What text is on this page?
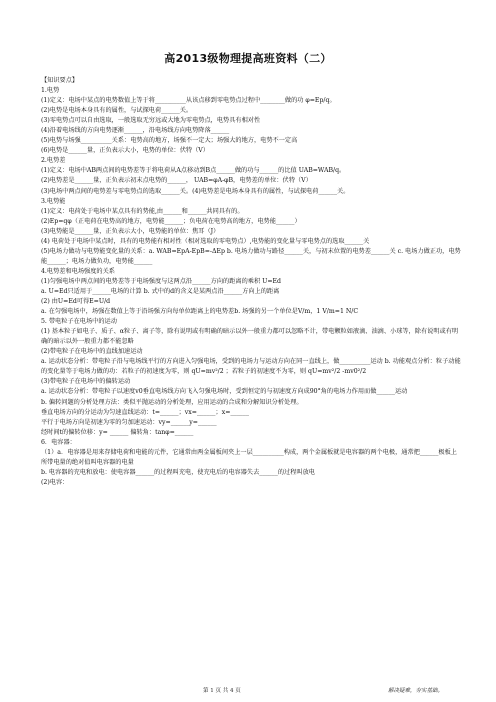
高2013级物理提高班资料（二）
【知识要点】
1.电势
(1)定义：电场中某点的电势数值上等于将__________从该点移到零电势点过程中________做的功 φ=Ep/q。
(2)电势是电场本身具有的属性，与试探电荷______关。
(3)零电势点可以自由选取，一般选取无穷远或大地为零电势点，电势具有相对性
(4)沿着电场线的方向电势逐渐______，沿电场线方向电势降落______
(5)电势与场强__________关系：电势高的地方，场强不一定大；场强大的地方，电势不一定高
(6)电势是______量，正负表示大小，电势的单位：伏特（V）
2.电势差
(1)定义：电场中AB两点间的电势差等于将电荷从A点移动到B点______做的功与______的比值 UAB=WAB/q。
(2)电势差是______量，正负表示初末点电势的______， UAB=φA-φB，电势差的单位：伏特（V）
(3)电场中两点间的电势差与零电势点的选取______关。(4)电势差是电场本身具有的属性，与试探电荷______关。
3.电势能
(1)定义：电荷处于电场中某点具有的势能,由______和______共同具有的。
(2)Ep=qφ（正电荷在电势高的地方，电势能______；负电荷在电势高的地方，电势能______）
(3)电势能是______量，正负表示大小，电势能的单位：焦耳（J）
(4) 电荷处于电场中某点时，具有的电势能有相对性（相对选取的零电势点）,电势能的变化量与零电势点的选取______关
(5)电场力做功与电势能变化量的关系：a. WAB=EpA-EpB=-ΔEp b. 电场力做功与路径______关，与初末位置的电势差______关 c. 电场力做正功，电势能______；电场力做负功，电势能______
4.电势差和电场强度的关系
(1)匀强电场中两点间的电势差等于电场强度与这两点沿______方向的距离的乘积 U=Ed
a. U=Ed只适用于______电场的计算 b. 式中的d的含义是某两点沿______方向上的距离
(2) 由U=Ed可得E=U/d
a. 在匀强电场中，场强在数值上等于沿场强方向每单位距离上的电势差b. 场强的另一个单位是V/m，1 V/m=1 N/C
5. 带电粒子在电场中的运动
(1) 基本粒子如电子、质子、α粒子、离子等，除有说明或有明确的暗示以外一般重力都可以忽略不计，带电颗粒如液滴、油滴、小球等，除有说明或有明确的暗示以外一般重力都不能忽略
(2)带电粒子在电场中的直线加速运动
a. 运动状态分析：带电粒子沿与电场线平行的方向进入匀强电场，受到的电场力与运动方向在同一直线上，做__________运动 b. 功能观点分析：粒子动能的变化量等于电场力做的功：若粒子的初速度为零，则 qU=mv²/2 ；若粒子的初速度不为零，则 qU=mv²/2 -mv0²/2
(3)带电粒子在电场中的偏转运动
a. 运动状态分析：带电粒子以速度v0垂直电场线方向飞入匀强电场时，受到恒定的与初速度方向成90°角的电场力作用而做______运动
b. 偏转问题的分析处理方法：类似平抛运动的分析处理，应用运动的合成和分解知识分析处理。
垂直电场方向的分运动为匀速直线运动：t=______；vx=______；x=______
平行于电场方向是初速为零的匀加速运动：vy=______y=______
经时间t的偏转位移：y= ______ 偏转角：tanφ=______
6．电容器：
（1）a．电容器是用来存储电荷和电能的元件，它通常由两金属板间夹上一层__________构成，两个金属板就是电容器的两个电极，通常把______极板上所带电量的绝对值叫电容器的电量
b. 电容器的充电和放电：使电容器______的过程叫充电，使充电后的电容器失去______的过程叫放电
(2)电容：
第 1 页 共 4 页	解决疑难，夯实基础。
